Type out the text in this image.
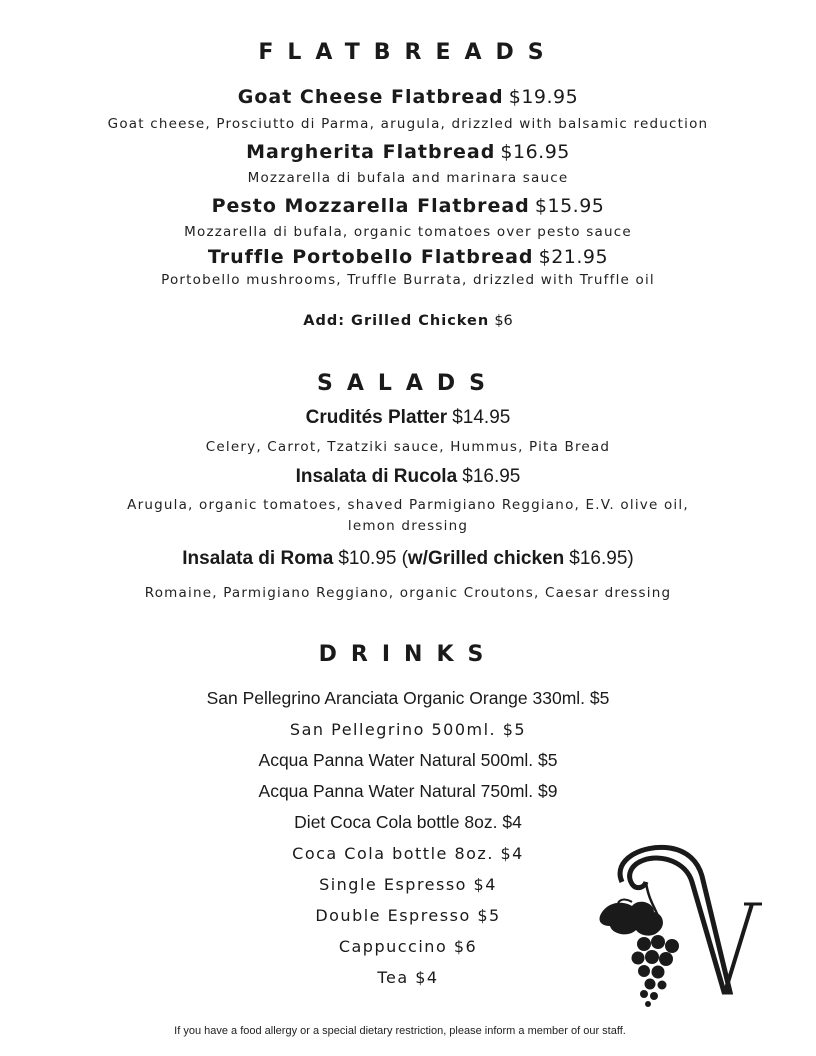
FLATBREADS
Goat Cheese Flatbread $19.95
Goat cheese, Prosciutto di Parma, arugula, drizzled with balsamic reduction
Margherita Flatbread $16.95
Mozzarella di bufala and marinara sauce
Pesto Mozzarella Flatbread $15.95
Mozzarella di bufala, organic tomatoes over pesto sauce
Truffle Portobello Flatbread $21.95
Portobello mushrooms, Truffle Burrata, drizzled with Truffle oil
Add: Grilled Chicken $6
SALADS
Crudités Platter $14.95
Celery, Carrot, Tzatziki sauce, Hummus, Pita Bread
Insalata di Rucola $16.95
Arugula, organic tomatoes, shaved Parmigiano Reggiano, E.V. olive oil,
lemon dressing
Insalata di Roma $10.95 (w/Grilled chicken $16.95)
Romaine, Parmigiano Reggiano, organic Croutons, Caesar dressing
DRINKS
San Pellegrino Aranciata Organic Orange 330ml. $5
San Pellegrino 500ml. $5
Acqua Panna Water Natural 500ml. $5
Acqua Panna Water Natural 750ml. $9
Diet Coca Cola bottle 8oz. $4
Coca Cola bottle 8oz. $4
Single Espresso $4
Double Espresso $5
Cappuccino $6
Tea $4
If you have a food allergy or a special dietary restriction, please inform a member of our staff.
